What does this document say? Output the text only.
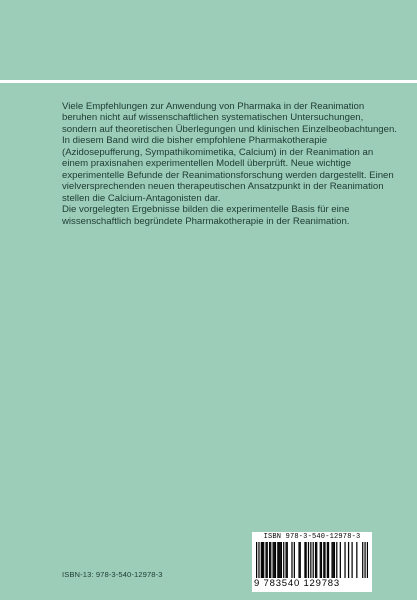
Viele Empfehlungen zur Anwendung von Pharmaka in der Reanimation beruhen nicht auf wissenschaftlichen systematischen Untersuchungen, sondern auf theoretischen Überlegungen und klinischen Einzelbeobachtungen.

In diesem Band wird die bisher empfohlene Pharmakotherapie (Azidosepufferung, Sympathikomimetika, Calcium) in der Reanimation an einem praxisnahen experimentellen Modell überprüft. Neue wichtige experimentelle Befunde der Reanimationsforschung werden dargestellt. Einen vielversprechenden neuen therapeutischen Ansatzpunkt in der Reanimation stellen die Calcium-Antagonisten dar.

Die vorgelegten Ergebnisse bilden die experimentelle Basis für eine wissenschaftlich begründete Pharmakotherapie in der Reanimation.

ISBN-13: 978-3-540-12978-3
ISBN 978-3-540-12978-3
9 783540 129783
